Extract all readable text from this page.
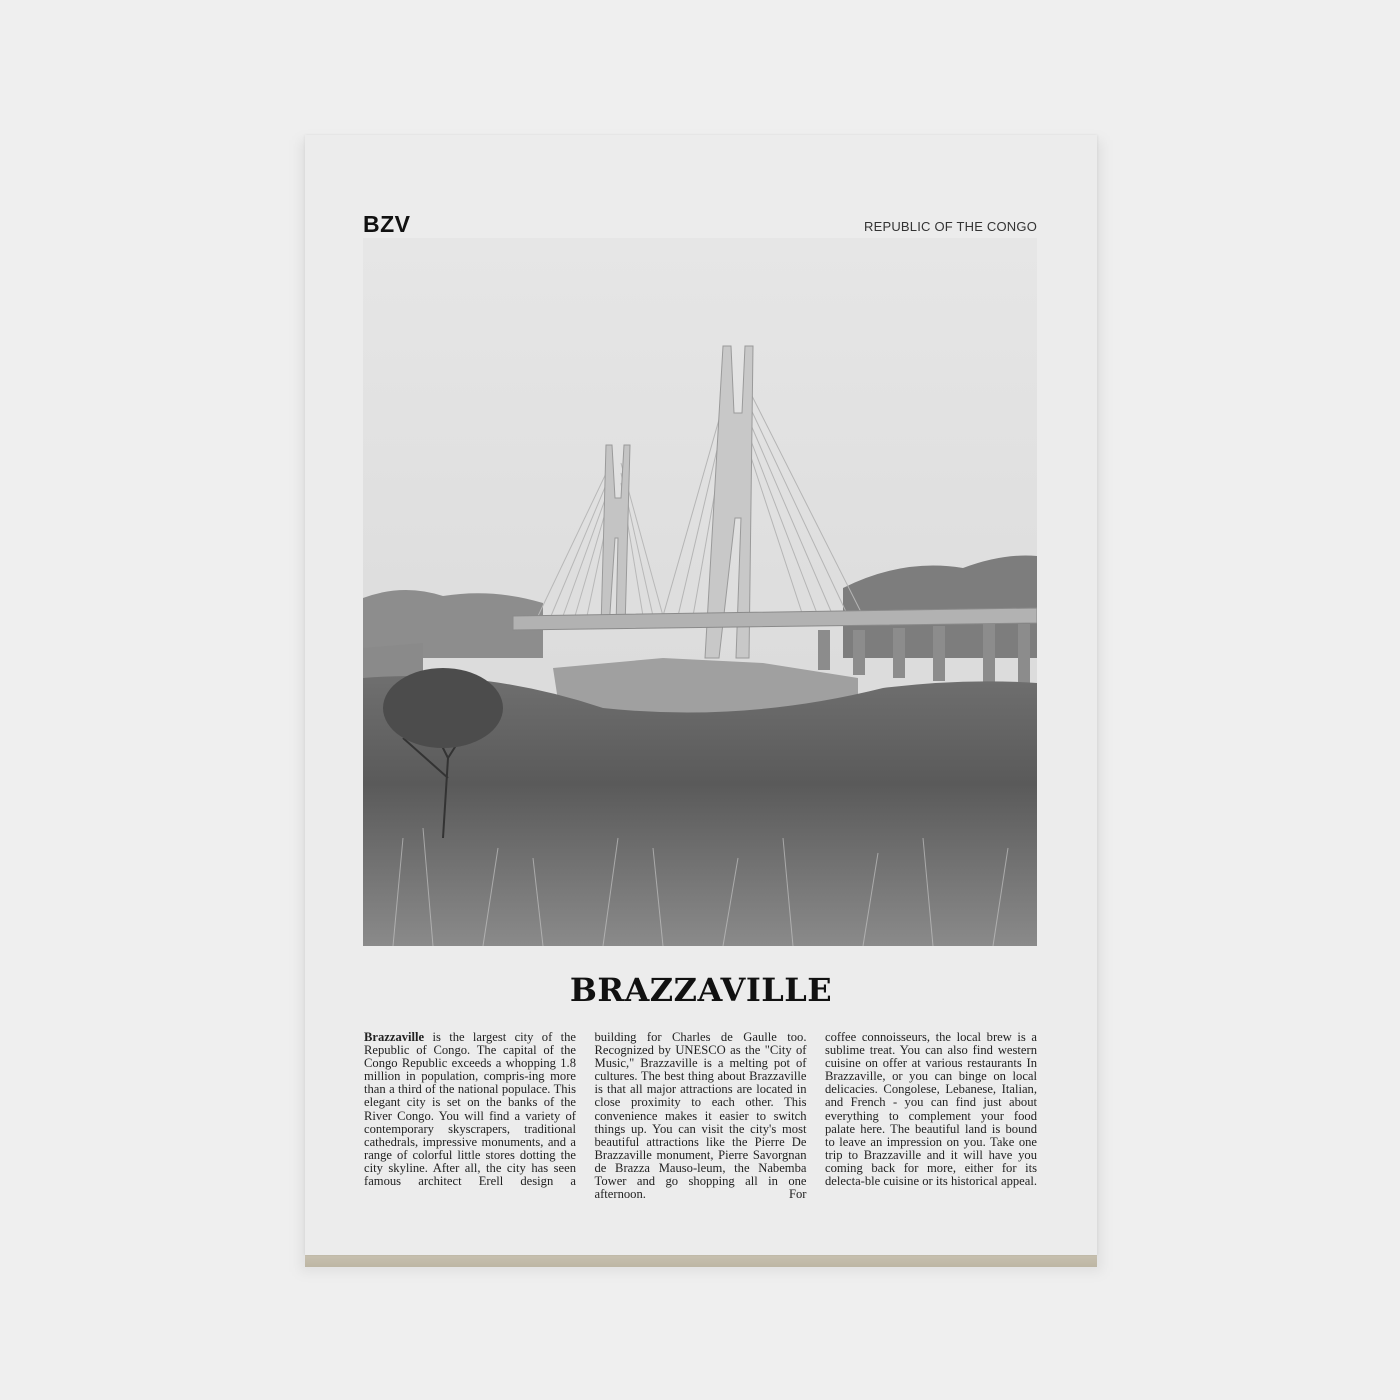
BZV	REPUBLIC OF THE CONGO
BRAZZAVILLE
Brazzaville is the largest city of the Republic of Congo. The capital of the Congo Republic exceeds a whopping 1.8 million in population, compris-ing more than a third of the national populace. This elegant city is set on the banks of the River Congo. You will find a variety of contemporary skyscrapers, traditional cathedrals, impressive monuments, and a range of colorful little stores dotting the city skyline. After all, the city has seen famous architect Erell design a
building for Charles de Gaulle too. Recognized by UNESCO as the "City of Music," Brazzaville is a melting pot of cultures. The best thing about Brazzaville is that all major attractions are located in close proximity to each other. This convenience makes it easier to switch things up. You can visit the city's most beautiful attractions like the Pierre De Brazzaville monument, Pierre Savorgnan de Brazza Mauso-leum, the Nabemba Tower and go shopping all in one afternoon. For
coffee connoisseurs, the local brew is a sublime treat. You can also find western cuisine on offer at various restaurants In Brazzaville, or you can binge on local delicacies. Congolese, Lebanese, Italian, and French - you can find just about everything to complement your food palate here. The beautiful land is bound to leave an impression on you. Take one trip to Brazzaville and it will have you coming back for more, either for its delecta-ble cuisine or its historical appeal.
